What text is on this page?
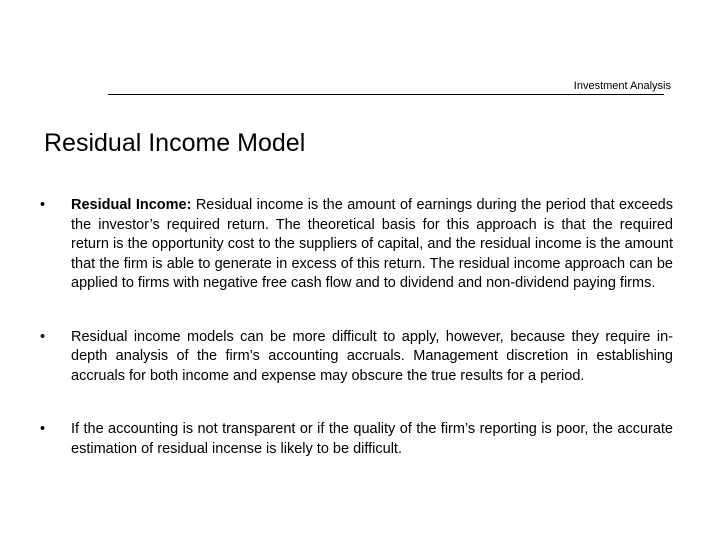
Investment Analysis
Residual Income Model
•	Residual Income: Residual income is the amount of earnings during the period that exceeds the investor’s required return. The theoretical basis for this approach is that the required return is the opportunity cost to the suppliers of capital, and the residual income is the amount that the firm is able to generate in excess of this return. The residual income approach can be applied to firms with negative free cash flow and to dividend and non-dividend paying firms.
•	Residual income models can be more difficult to apply, however, because they require in-depth analysis of the firm’s accounting accruals. Management discretion in establishing accruals for both income and expense may obscure the true results for a period.
•	If the accounting is not transparent or if the quality of the firm’s reporting is poor, the accurate estimation of residual incense is likely to be difficult.
